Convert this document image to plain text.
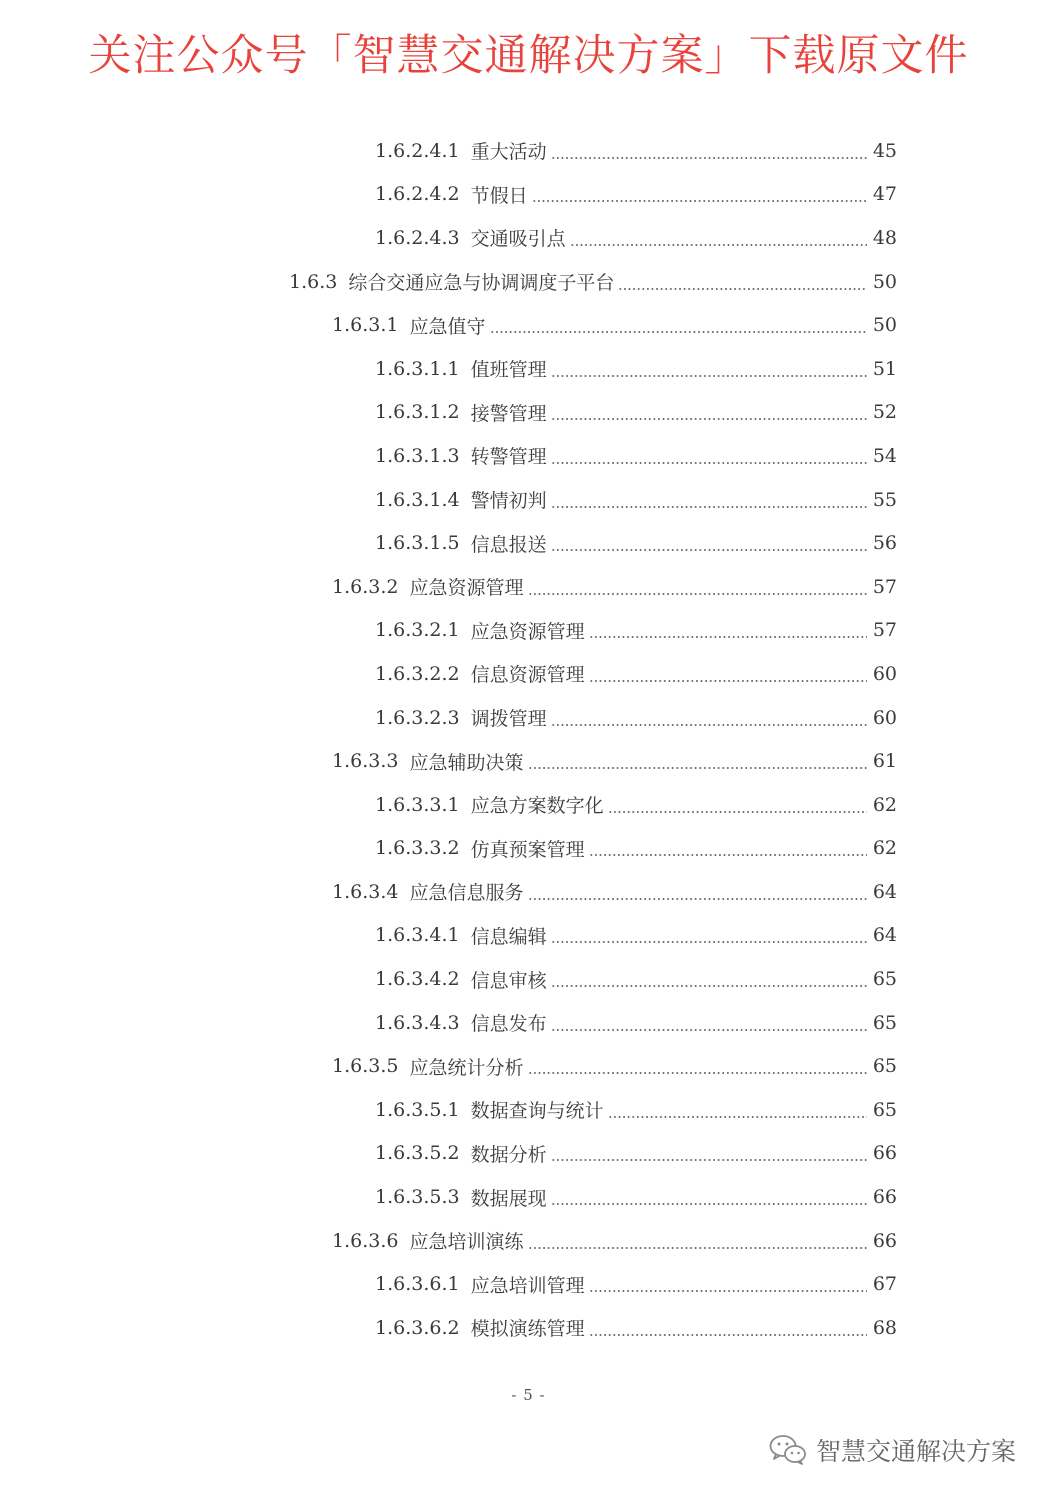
关注公众号「智慧交通解决方案」下载原文件
1.6.2.4.1 重大活动	45
1.6.2.4.2 节假日	47
1.6.2.4.3 交通吸引点	48
1.6.3 综合交通应急与协调调度子平台	50
1.6.3.1 应急值守	50
1.6.3.1.1 值班管理	51
1.6.3.1.2 接警管理	52
1.6.3.1.3 转警管理	54
1.6.3.1.4 警情初判	55
1.6.3.1.5 信息报送	56
1.6.3.2 应急资源管理	57
1.6.3.2.1 应急资源管理	57
1.6.3.2.2 信息资源管理	60
1.6.3.2.3 调拨管理	60
1.6.3.3 应急辅助决策	61
1.6.3.3.1 应急方案数字化	62
1.6.3.3.2 仿真预案管理	62
1.6.3.4 应急信息服务	64
1.6.3.4.1 信息编辑	64
1.6.3.4.2 信息审核	65
1.6.3.4.3 信息发布	65
1.6.3.5 应急统计分析	65
1.6.3.5.1 数据查询与统计	65
1.6.3.5.2 数据分析	66
1.6.3.5.3 数据展现	66
1.6.3.6 应急培训演练	66
1.6.3.6.1 应急培训管理	67
1.6.3.6.2 模拟演练管理	68
- 5 -
智慧交通解决方案
